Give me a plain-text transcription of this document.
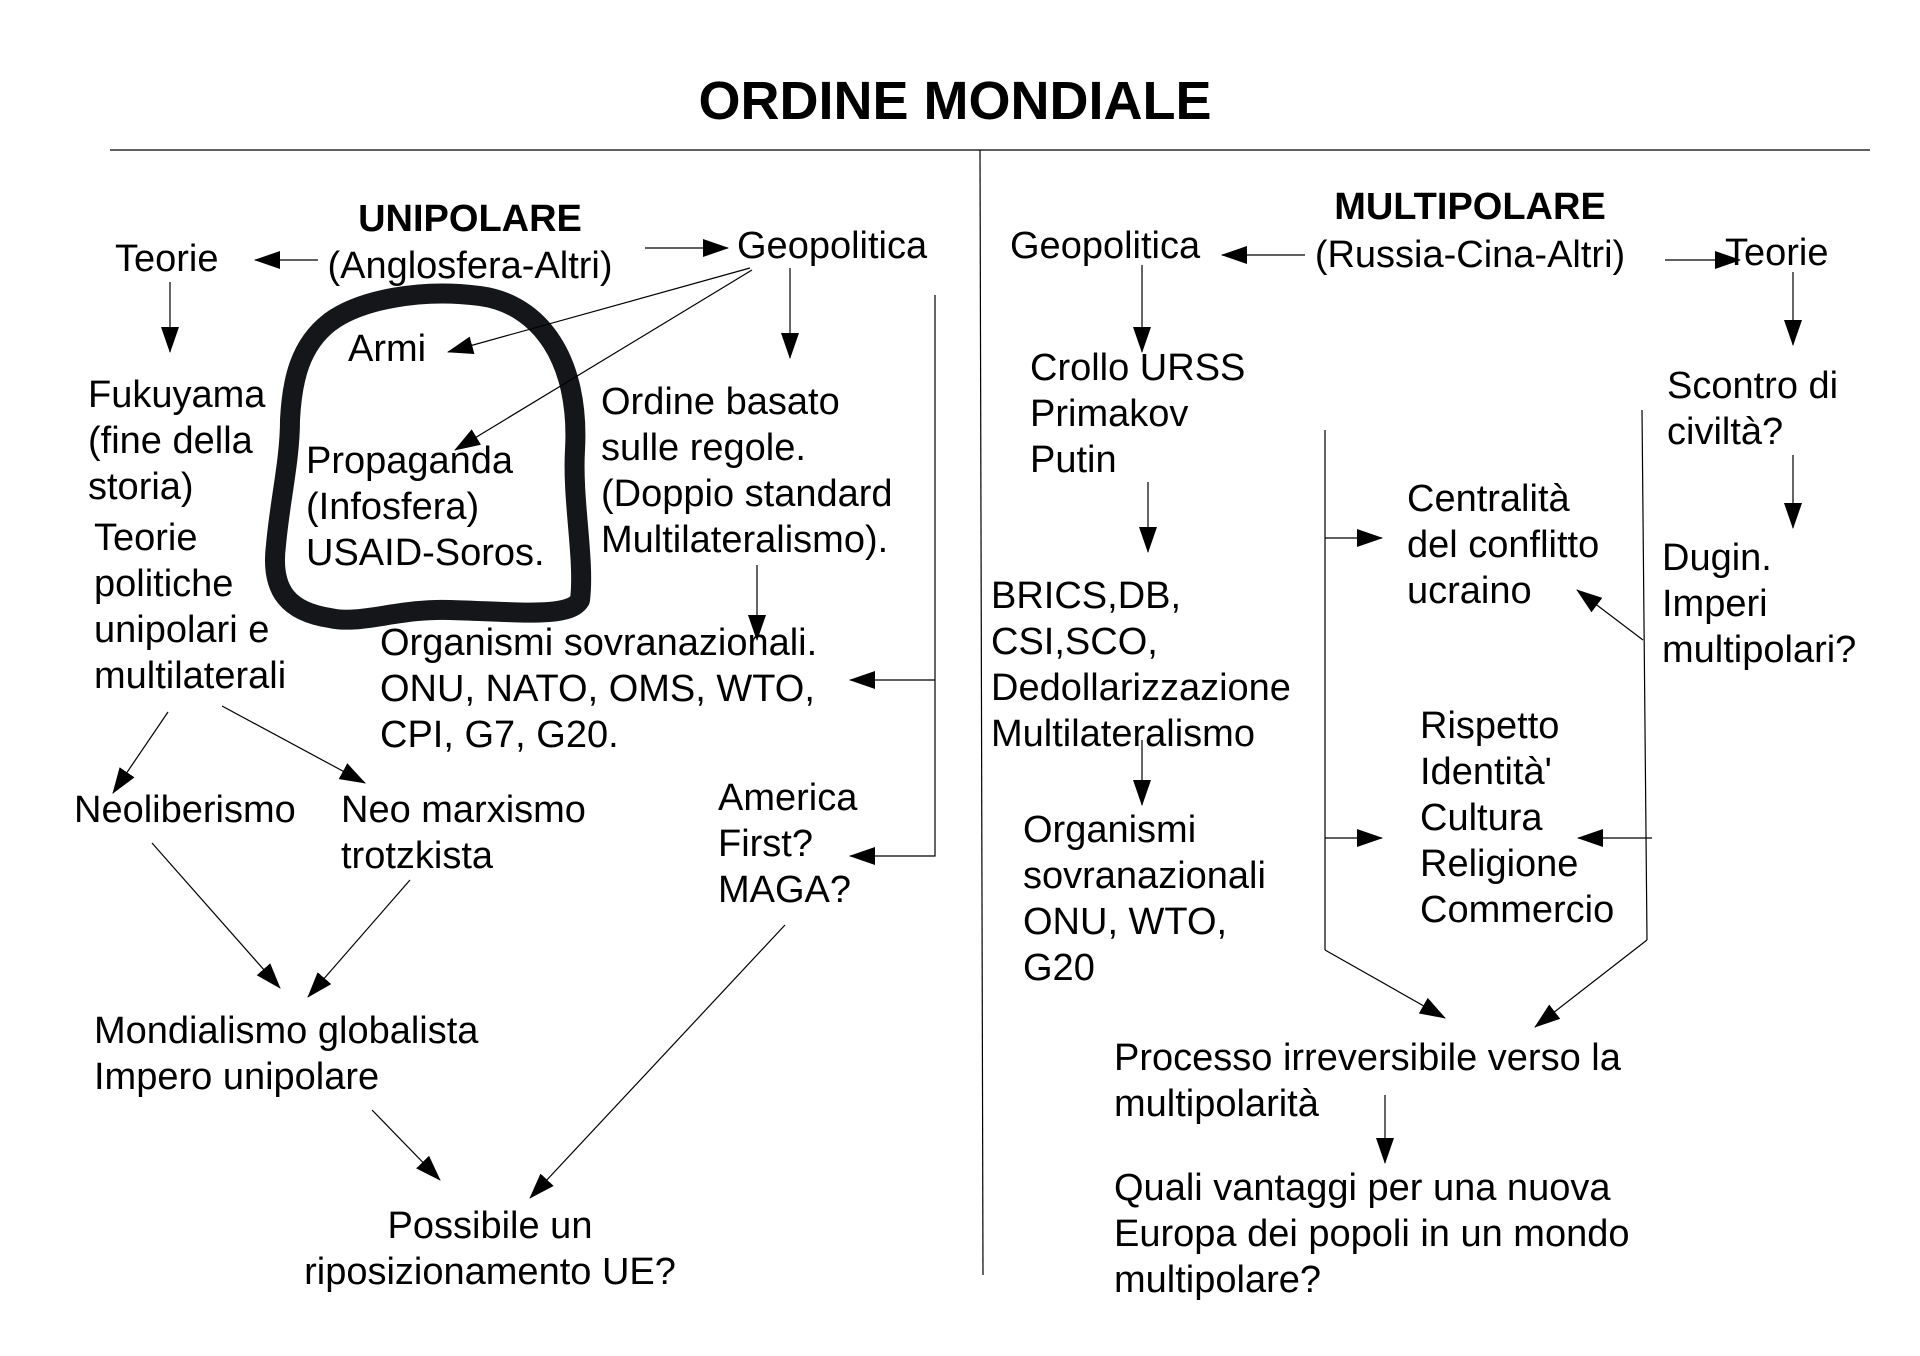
ORDINE MONDIALE
UNIPOLARE
(Anglosfera-Altri)
Teorie	Geopolitica
Fukuyama
(fine della
storia)
Teorie
politiche
unipolari e
multilaterali
Armi
Propaganda
(Infosfera)
USAID-Soros.
Ordine basato
sulle regole.
(Doppio standard
Multilateralismo).
Organismi sovranazionali.
ONU, NATO, OMS, WTO,
CPI, G7, G20.
Neoliberismo Neo marxismo
trotzkista
America
First?
MAGA?
Mondialismo globalista
Impero unipolare
Possibile un
riposizionamento UE?
MULTIPOLARE
(Russia-Cina-Altri)
Geopolitica	Teorie
Crollo URSS
Primakov
Putin
Scontro di
civiltà?
Centralità
del conflitto
ucraino
Dugin.
Imperi
multipolari?
BRICS,DB,
CSI,SCO,
Dedollarizzazione
Multilateralismo	Rispetto
Identità'
Cultura
Religione
Commercio
Organismi
sovranazionali
ONU, WTO,
G20
Processo irreversibile verso la
multipolarità
Quali vantaggi per una nuova
Europa dei popoli in un mondo
multipolare?
